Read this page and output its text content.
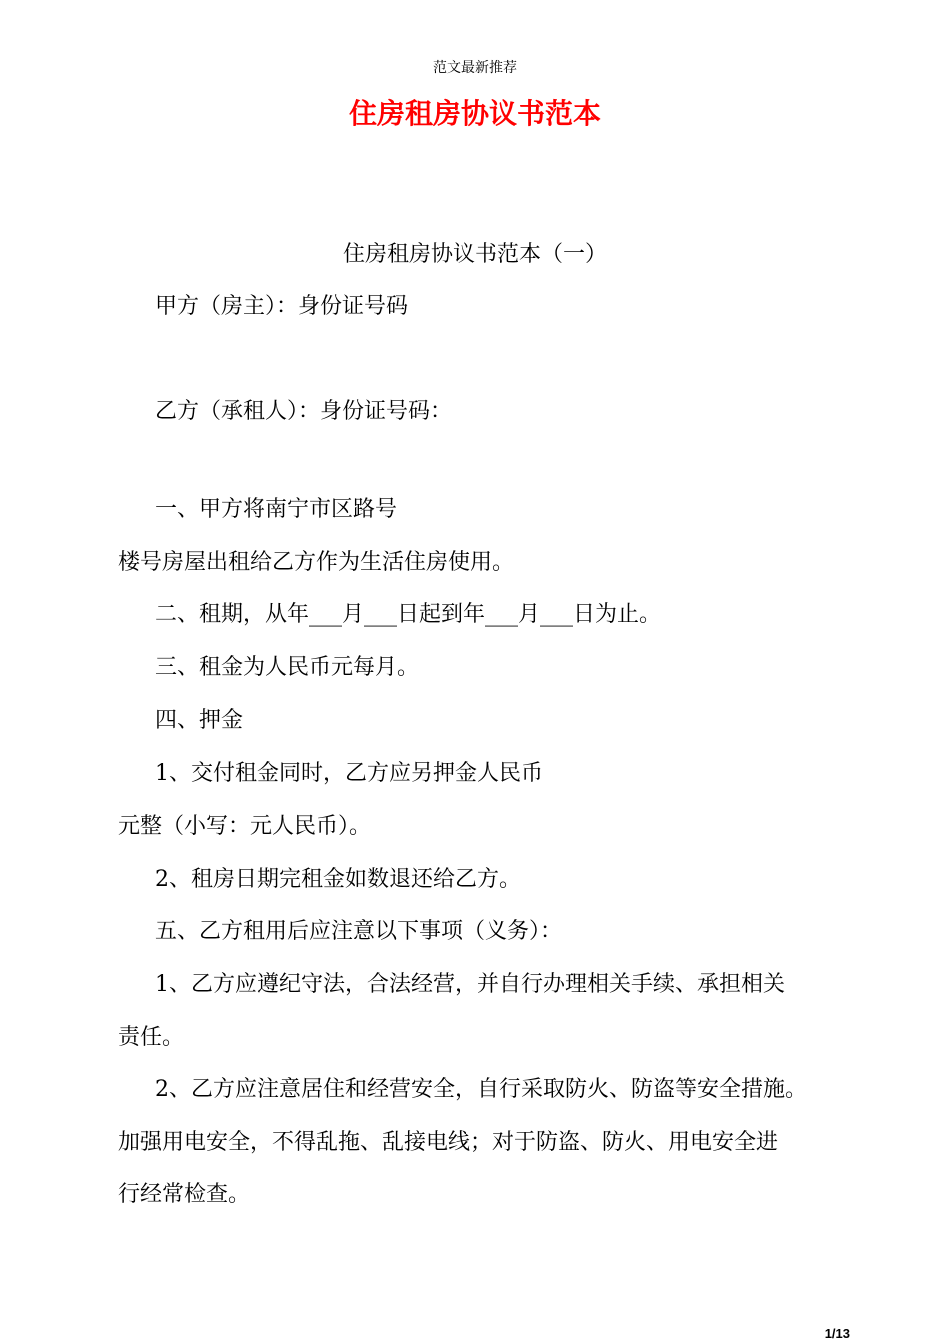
范文最新推荐
住房租房协议书范本
住房租房协议书范本（一）
甲方（房主）：身份证号码
乙方（承租人）：身份证号码：
一、甲方将南宁市区路号
楼号房屋出租给乙方作为生活住房使用。
二、租期，从年___月___日起到年___月___日为止。
三、租金为人民币元每月。
四、押金
1、交付租金同时，乙方应另押金人民币
元整（小写：元人民币）。
2、租房日期完租金如数退还给乙方。
五、乙方租用后应注意以下事项（义务）：
1、乙方应遵纪守法，合法经营，并自行办理相关手续、承担相关
责任。
2、乙方应注意居住和经营安全，自行采取防火、防盗等安全措施。
加强用电安全，不得乱拖、乱接电线；对于防盗、防火、用电安全进
行经常检查。
1/13
